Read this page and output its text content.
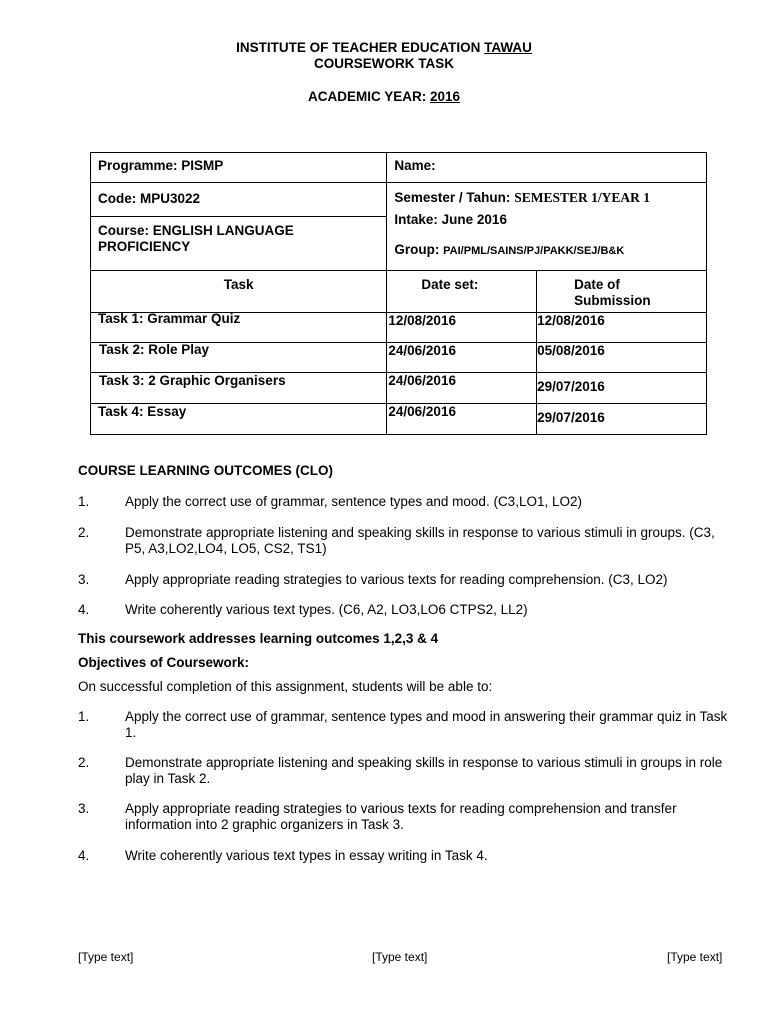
INSTITUTE OF TEACHER EDUCATION TAWAU
COURSEWORK TASK
ACADEMIC YEAR: 2016
Programme: PISMP	Name:	

Code: MPU3022	Semester / Tahun: SEMESTER 1/YEAR 1
Intake: June 2016
Group: PAI/PML/SAINS/PJ/PAKK/SEJ/B&K	

Course: ENGLISH LANGUAGE
PROFICIENCY		

Task	Date set:	Date of
Submission

Task 1: Grammar Quiz	12/08/2016	12/08/2016

Task 2: Role Play	24/06/2016	05/08/2016

Task 3: 2 Graphic Organisers	24/06/2016	29/07/2016

Task 4: Essay	24/06/2016	29/07/2016
COURSE LEARNING OUTCOMES (CLO)
1.	Apply the correct use of grammar, sentence types and mood. (C3,LO1, LO2)
2.	Demonstrate appropriate listening and speaking skills in response to various stimuli in groups. (C3, P5, A3,LO2,LO4, LO5, CS2, TS1)
3.	Apply appropriate reading strategies to various texts for reading comprehension. (C3, LO2)
4.	Write coherently various text types. (C6, A2, LO3,LO6 CTPS2, LL2)
This coursework addresses learning outcomes 1,2,3 & 4
Objectives of Coursework:
On successful completion of this assignment, students will be able to:
1.	Apply the correct use of grammar, sentence types and mood in answering their grammar quiz in Task 1.
2.	Demonstrate appropriate listening and speaking skills in response to various stimuli in groups in role play in Task 2.
3.	Apply appropriate reading strategies to various texts for reading comprehension and transfer information into 2 graphic organizers in Task 3.
4.	Write coherently various text types in essay writing in Task 4.
[Type text]	[Type text]	[Type text]
